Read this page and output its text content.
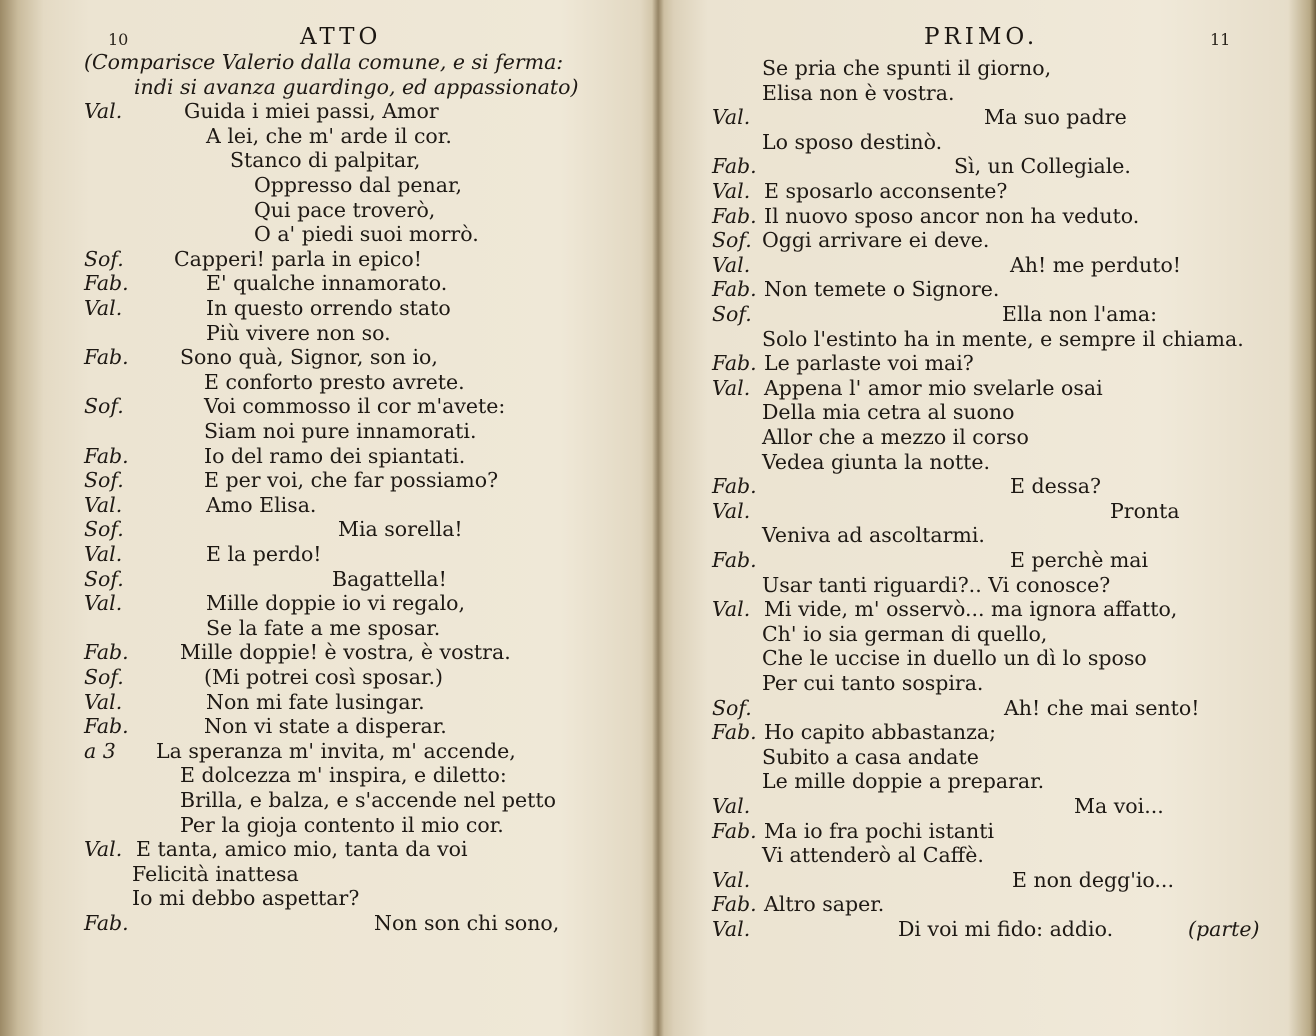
10	ATTO
(Comparisce Valerio dalla comune, e si ferma:
indi si avanza guardingo, ed appassionato)
Val.	Guida i miei passi, Amor
A lei, che m' arde il cor.
Stanco di palpitar,
Oppresso dal penar,
Qui pace troverò,
O a' piedi suoi morrò.
Sof. Capperi! parla in epico!
Fab.	E' qualche innamorato.
Val.	In questo orrendo stato
Più vivere non so.
Fab.	Sono quà, Signor, son io,
E conforto presto avrete.
Sof.	Voi commosso il cor m'avete:
Siam noi pure innamorati.
Fab.	Io del ramo dei spiantati.
Sof.	E per voi, che far possiamo?
Val.	Amo Elisa.
Sof.	Mia sorella!
Val.	E la perdo!
Sof.	Bagattella!
Val.	Mille doppie io vi regalo,
Se la fate a me sposar.
Fab.	Mille doppie! è vostra, è vostra.
Sof.	(Mi potrei così sposar.)
Val.	Non mi fate lusingar.
Fab.	Non vi state a disperar.
a 3 La speranza m' invita, m' accende,
E dolcezza m' inspira, e diletto:
Brilla, e balza, e s'accende nel petto
Per la gioja contento il mio cor.
Val. E tanta, amico mio, tanta da voi
Felicità inattesa
Io mi debbo aspettar?
Fab.	Non son chi sono,
PRIMO.	11
Se pria che spunti il giorno,
Elisa non è vostra.
Val.	Ma suo padre
Lo sposo destinò.
Fab.	Sì, un Collegiale.
Val. E sposarlo acconsente?
Fab. Il nuovo sposo ancor non ha veduto.
Sof. Oggi arrivare ei deve.
Val.	Ah! me perduto!
Fab. Non temete o Signore.
Sof.	Ella non l'ama:
Solo l'estinto ha in mente, e sempre il chiama.
Fab. Le parlaste voi mai?
Val. Appena l' amor mio svelarle osai
Della mia cetra al suono
Allor che a mezzo il corso
Vedea giunta la notte.
Fab.	E dessa?
Val.	Pronta
Veniva ad ascoltarmi.
Fab.	E perchè mai
Usar tanti riguardi?.. Vi conosce?
Val. Mi vide, m' osservò... ma ignora affatto,
Ch' io sia german di quello,
Che le uccise in duello un dì lo sposo
Per cui tanto sospira.
Sof.	Ah! che mai sento!
Fab. Ho capito abbastanza;
Subito a casa andate
Le mille doppie a preparar.
Val.	Ma voi...
Fab. Ma io fra pochi istanti
Vi attenderò al Caffè.
Val.	E non degg'io...
Fab. Altro saper.
Val.	Di voi mi fido: addio.	(parte)
